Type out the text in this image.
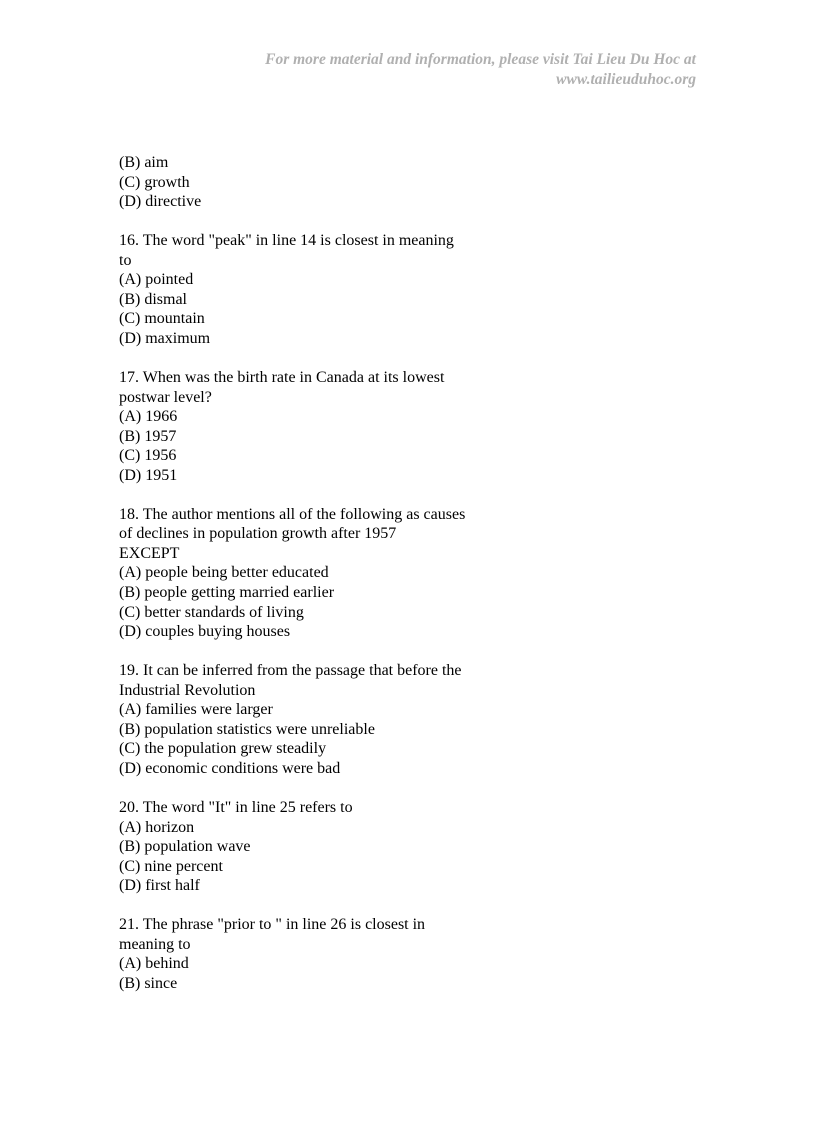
For more material and information, please visit Tai Lieu Du Hoc at
www.tailieuduhoc.org
(B) aim
(C) growth
(D) directive
16. The word "peak" in line 14 is closest in meaning
to
(A) pointed
(B) dismal
(C) mountain
(D) maximum
17. When was the birth rate in Canada at its lowest
postwar level?
(A) 1966
(B) 1957
(C) 1956
(D) 1951
18. The author mentions all of the following as causes
of declines in population growth after 1957
EXCEPT
(A) people being better educated
(B) people getting married earlier
(C) better standards of living
(D) couples buying houses
19. It can be inferred from the passage that before the
Industrial Revolution
(A) families were larger
(B) population statistics were unreliable
(C) the population grew steadily
(D) economic conditions were bad
20. The word "It" in line 25 refers to
(A) horizon
(B) population wave
(C) nine percent
(D) first half
21. The phrase "prior to " in line 26 is closest in
meaning to
(A) behind
(B) since
